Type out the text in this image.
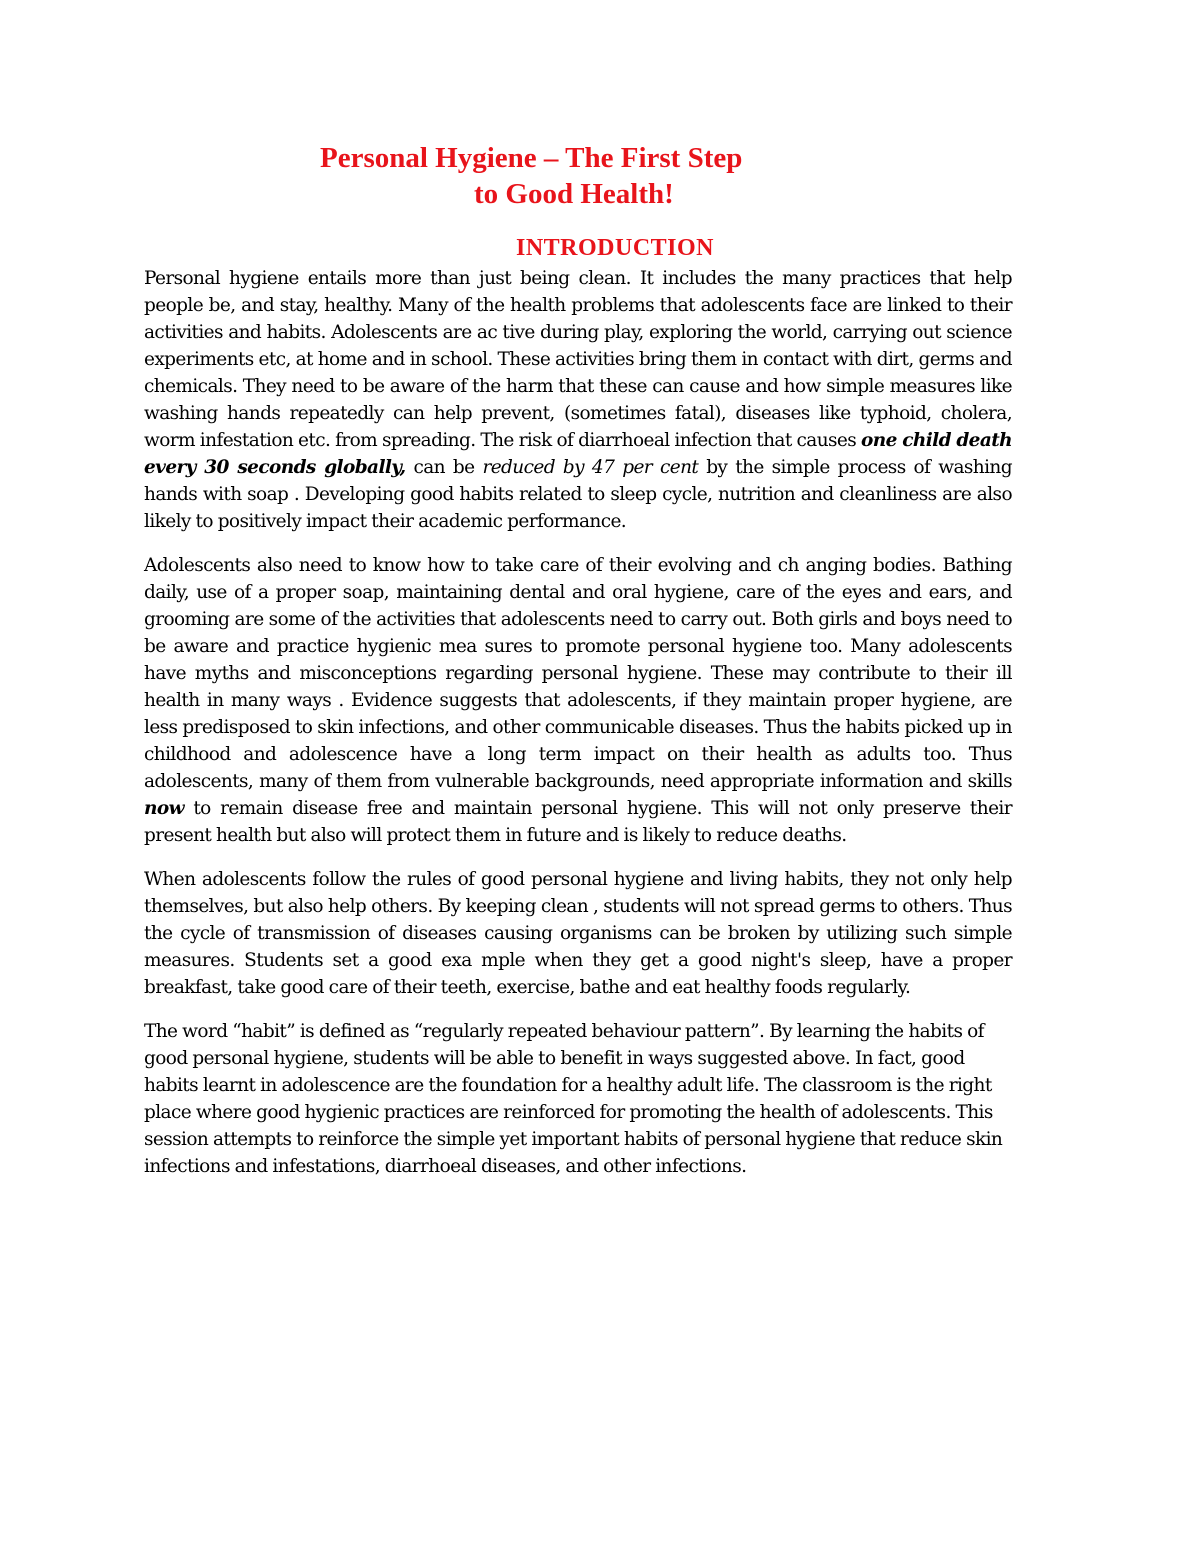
Personal Hygiene – The First Step
to Good Health!
INTRODUCTION

Personal hygiene entails more than just being clean. It includes the many practices that help people be, and stay, healthy. Many of the health problems that adolescents face are linked to their activities and habits. Adolescents are ac tive during play, exploring the world, carrying out science experiments etc, at home and in school. These activities bring them in contact with dirt, germs and chemicals. They need to be aware of the harm that these can cause and how simple measures like washing hands repeatedly can help prevent, (sometimes fatal), diseases like typhoid, cholera, worm infestation etc. from spreading. The risk of diarrhoeal infection that causes one child death every 30 seconds globally, can be reduced by 47 per cent by the simple process of washing hands with soap . Developing good habits related to sleep cycle, nutrition and cleanliness are also likely to positively impact their academic performance.

Adolescents also need to know how to take care of their evolving and ch anging bodies. Bathing daily, use of a proper soap, maintaining dental and oral hygiene, care of the eyes and ears, and grooming are some of the activities that adolescents need to carry out. Both girls and boys need to be aware and practice hygienic mea sures to promote personal hygiene too. Many adolescents have myths and misconceptions regarding personal hygiene. These may contribute to their ill health in many ways . Evidence suggests that adolescents, if they maintain proper hygiene, are less predisposed to skin infections, and other communicable diseases. Thus the habits picked up in childhood and adolescence have a long term impact on their health as adults too. Thus adolescents, many of them from vulnerable backgrounds, need appropriate information and skills now to remain disease free and maintain personal hygiene. This will not only preserve their present health but also will protect them in future and is likely to reduce deaths.

When adolescents follow the rules of good personal hygiene and living habits, they not only help themselves, but also help others. By keeping clean , students will not spread germs to others. Thus the cycle of transmission of diseases causing organisms can be broken by utilizing such simple measures. Students set a good exa mple when they get a good night's sleep, have a proper breakfast, take good care of their teeth, exercise, bathe and eat healthy foods regularly.

The word “habit” is defined as “regularly repeated behaviour pattern”. By learning the habits of good personal hygiene, students will be able to benefit in ways suggested above. In fact, good habits learnt in adolescence are the foundation for a healthy adult life. The classroom is the right place where good hygienic practices are reinforced for promoting the health of adolescents. This session attempts to reinforce the simple yet important habits of personal hygiene that reduce skin infections and infestations, diarrhoeal diseases, and other infections.
